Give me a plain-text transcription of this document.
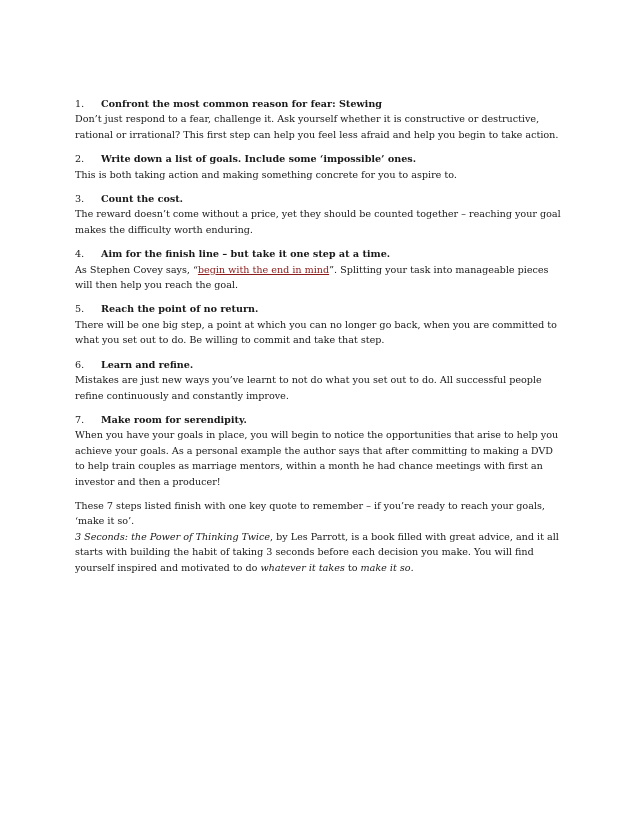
1.	Confront the most common reason for fear: Stewing

Don’t just respond to a fear, challenge it. Ask yourself whether it is constructive or destructive, rational or irrational? This first step can help you feel less afraid and help you begin to take action.

2.	Write down a list of goals. Include some ‘impossible’ ones.

This is both taking action and making something concrete for you to aspire to.

3.	Count the cost.

The reward doesn’t come without a price, yet they should be counted together – reaching your goal makes the difficulty worth enduring.

4.	Aim for the finish line – but take it one step at a time.

As Stephen Covey says, “begin with the end in mind”. Splitting your task into manageable pieces will then help you reach the goal.

5.	Reach the point of no return.

There will be one big step, a point at which you can no longer go back, when you are committed to what you set out to do. Be willing to commit and take that step.

6.	Learn and refine.

Mistakes are just new ways you’ve learnt to not do what you set out to do. All successful people refine continuously and constantly improve.

7.	Make room for serendipity.

When you have your goals in place, you will begin to notice the opportunities that arise to help you achieve your goals. As a personal example the author says that after committing to making a DVD to help train couples as marriage mentors, within a month he had chance meetings with first an investor and then a producer!

These 7 steps listed finish with one key quote to remember – if you’re ready to reach your goals, ‘make it so’.

3 Seconds: the Power of Thinking Twice, by Les Parrott, is a book filled with great advice, and it all starts with building the habit of taking 3 seconds before each decision you make. You will find yourself inspired and motivated to do whatever it takes to make it so.
